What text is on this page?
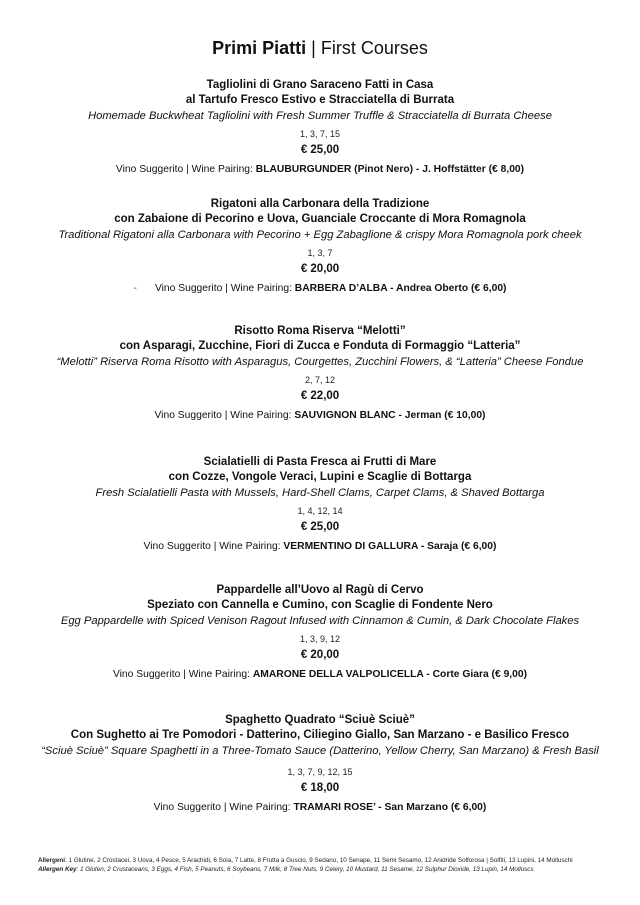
Primi Piatti | First Courses
Tagliolini di Grano Saraceno Fatti in Casa
al Tartufo Fresco Estivo e Stracciatella di Burrata
Homemade Buckwheat Tagliolini with Fresh Summer Truffle & Stracciatella di Burrata Cheese
1, 3, 7, 15
€ 25,00
Vino Suggerito | Wine Pairing: BLAUBURGUNDER (Pinot Nero) - J. Hoffstätter (€ 8,00)
Rigatoni alla Carbonara della Tradizione
con Zabaione di Pecorino e Uova, Guanciale Croccante di Mora Romagnola
Traditional Rigatoni alla Carbonara with Pecorino + Egg Zabaglione & crispy Mora Romagnola pork cheek
1, 3, 7
€ 20,00
- Vino Suggerito | Wine Pairing: BARBERA D’ALBA - Andrea Oberto (€ 6,00)
Risotto Roma Riserva “Melotti”
con Asparagi, Zucchine, Fiori di Zucca e Fonduta di Formaggio “Latteria”
“Melotti” Riserva Roma Risotto with Asparagus, Courgettes, Zucchini Flowers, & “Latteria” Cheese Fondue
2, 7, 12
€ 22,00
Vino Suggerito | Wine Pairing: SAUVIGNON BLANC - Jerman (€ 10,00)
Scialatielli di Pasta Fresca ai Frutti di Mare
con Cozze, Vongole Veraci, Lupini e Scaglie di Bottarga
Fresh Scialatielli Pasta with Mussels, Hard-Shell Clams, Carpet Clams, & Shaved Bottarga
1, 4, 12, 14
€ 25,00
Vino Suggerito | Wine Pairing: VERMENTINO DI GALLURA - Saraja (€ 6,00)
Pappardelle all’Uovo al Ragù di Cervo
Speziato con Cannella e Cumino, con Scaglie di Fondente Nero
Egg Pappardelle with Spiced Venison Ragout Infused with Cinnamon & Cumin, & Dark Chocolate Flakes
1, 3, 9, 12
€ 20,00
Vino Suggerito | Wine Pairing: AMARONE DELLA VALPOLICELLA - Corte Giara (€ 9,00)
Spaghetto Quadrato “Sciuè Sciuè”
Con Sughetto ai Tre Pomodori - Datterino, Ciliegino Giallo, San Marzano - e Basilico Fresco
“Sciuè Sciuè” Square Spaghetti in a Three-Tomato Sauce (Datterino, Yellow Cherry, San Marzano) & Fresh Basil
1, 3, 7, 9, 12, 15
€ 18,00
Vino Suggerito | Wine Pairing: TRAMARI ROSE’ - San Marzano (€ 6,00)
Allergeni: 1 Glutine, 2 Crostacei, 3 Uova, 4 Pesce, 5 Arachidi, 6 Soia, 7 Latte, 8 Frutta a Guscio, 9 Sedano, 10 Senape, 11 Semi Sesamo, 12 Anidride Solforosa | Solfiti, 13 Lupini, 14 Molluschi
Allergen Key: 1 Gluten, 2 Crustaceans, 3 Eggs, 4 Fish, 5 Peanuts, 6 Soybeans, 7 Milk, 8 Tree Nuts, 9 Celery, 10 Mustard, 11 Sesame, 12 Sulphur Dioxide, 13 Lupin, 14 Molluscs
